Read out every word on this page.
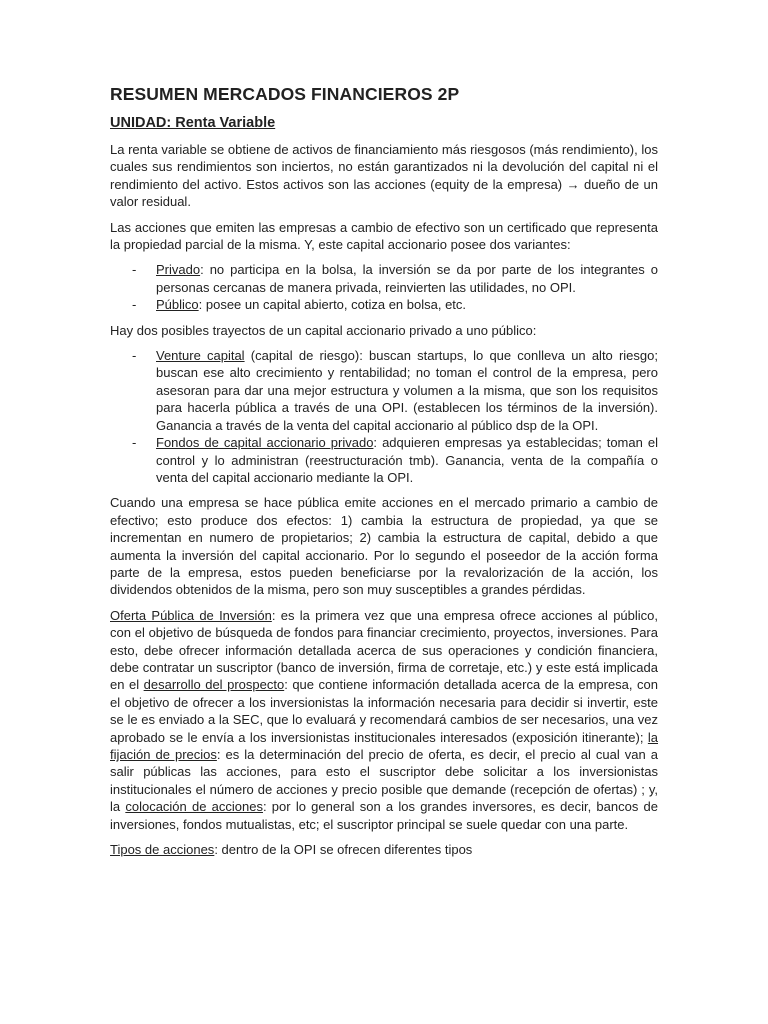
RESUMEN MERCADOS FINANCIEROS 2P
UNIDAD: Renta Variable

La renta variable se obtiene de activos de financiamiento más riesgosos (más rendimiento), los cuales sus rendimientos son inciertos, no están garantizados ni la devolución del capital ni el rendimiento del activo. Estos activos son las acciones (equity de la empresa) → dueño de un valor residual.

Las acciones que emiten las empresas a cambio de efectivo son un certificado que representa la propiedad parcial de la misma. Y, este capital accionario posee dos variantes:

- Privado: no participa en la bolsa, la inversión se da por parte de los integrantes o personas cercanas de manera privada, reinvierten las utilidades, no OPI.
- Público: posee un capital abierto, cotiza en bolsa, etc.

Hay dos posibles trayectos de un capital accionario privado a uno público:

- Venture capital (capital de riesgo): buscan startups, lo que conlleva un alto riesgo; buscan ese alto crecimiento y rentabilidad; no toman el control de la empresa, pero asesoran para dar una mejor estructura y volumen a la misma, que son los requisitos para hacerla pública a través de una OPI. (establecen los términos de la inversión). Ganancia a través de la venta del capital accionario al público dsp de la OPI.
- Fondos de capital accionario privado: adquieren empresas ya establecidas; toman el control y lo administran (reestructuración tmb). Ganancia, venta de la compañía o venta del capital accionario mediante la OPI.

Cuando una empresa se hace pública emite acciones en el mercado primario a cambio de efectivo; esto produce dos efectos: 1) cambia la estructura de propiedad, ya que se incrementan en numero de propietarios; 2) cambia la estructura de capital, debido a que aumenta la inversión del capital accionario. Por lo segundo el poseedor de la acción forma parte de la empresa, estos pueden beneficiarse por la revalorización de la acción, los dividendos obtenidos de la misma, pero son muy susceptibles a grandes pérdidas.

Oferta Pública de Inversión: es la primera vez que una empresa ofrece acciones al público, con el objetivo de búsqueda de fondos para financiar crecimiento, proyectos, inversiones. Para esto, debe ofrecer información detallada acerca de sus operaciones y condición financiera, debe contratar un suscriptor (banco de inversión, firma de corretaje, etc.) y este está implicada en el desarrollo del prospecto: que contiene información detallada acerca de la empresa, con el objetivo de ofrecer a los inversionistas la información necesaria para decidir si invertir, este se le es enviado a la SEC, que lo evaluará y recomendará cambios de ser necesarios, una vez aprobado se le envía a los inversionistas institucionales interesados (exposición itinerante); la fijación de precios: es la determinación del precio de oferta, es decir, el precio al cual van a salir públicas las acciones, para esto el suscriptor debe solicitar a los inversionistas institucionales el número de acciones y precio posible que demande (recepción de ofertas) ; y, la colocación de acciones: por lo general son a los grandes inversores, es decir, bancos de inversiones, fondos mutualistas, etc; el suscriptor principal se suele quedar con una parte.

Tipos de acciones: dentro de la OPI se ofrecen diferentes tipos
